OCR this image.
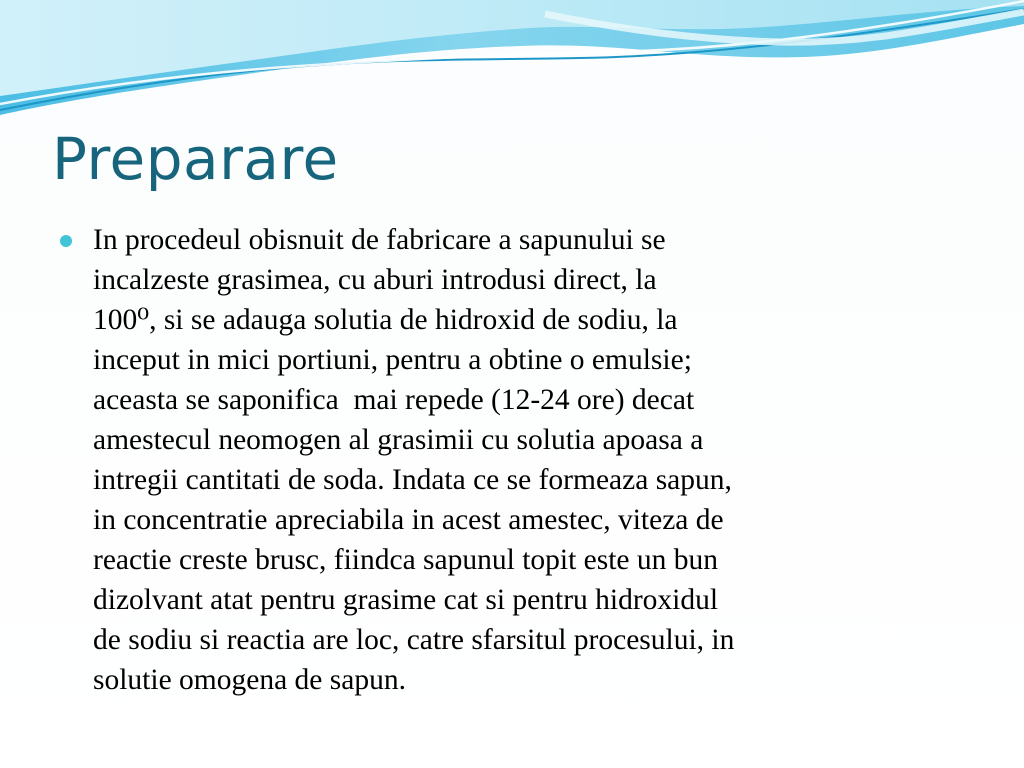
Preparare

In procedeul obisnuit de fabricare a sapunului se
incalzeste grasimea, cu aburi introdusi direct, la
100⁰, si se adauga solutia de hidroxid de sodiu, la
inceput in mici portiuni, pentru a obtine o emulsie;
aceasta se saponifica  mai repede (12-24 ore) decat
amestecul neomogen al grasimii cu solutia apoasa a
intregii cantitati de soda. Indata ce se formeaza sapun,
in concentratie apreciabila in acest amestec, viteza de
reactie creste brusc, fiindca sapunul topit este un bun
dizolvant atat pentru grasime cat si pentru hidroxidul
de sodiu si reactia are loc, catre sfarsitul procesului, in
solutie omogena de sapun.
